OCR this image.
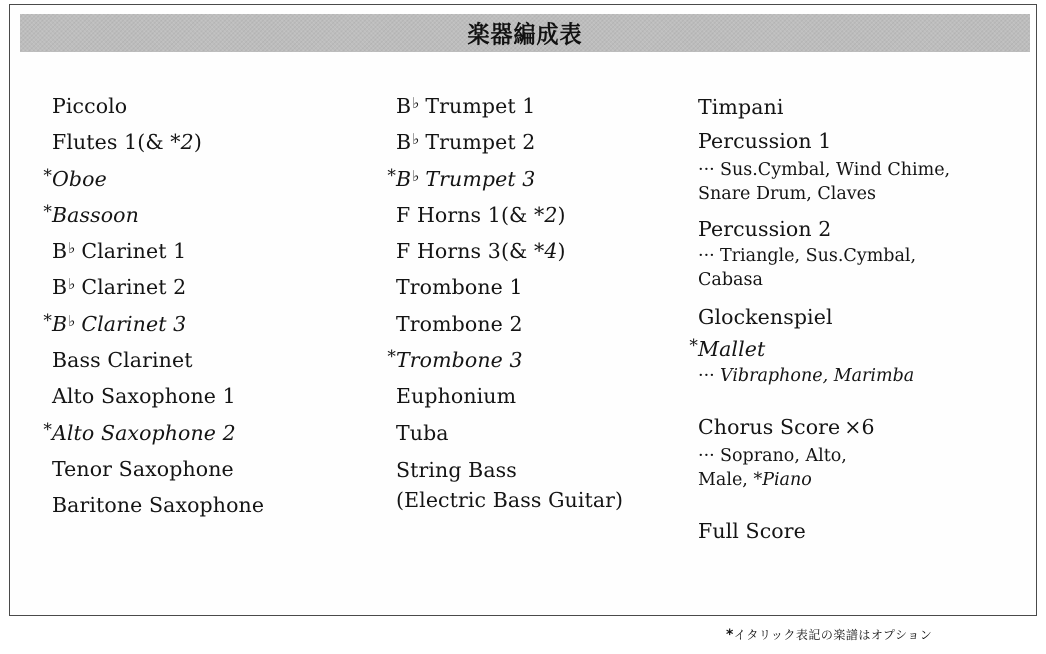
楽器編成表
Piccolo
Flutes 1(& *2)
*Oboe
*Bassoon
B♭ Clarinet 1
B♭ Clarinet 2
*B♭ Clarinet 3
Bass Clarinet
Alto Saxophone 1
*Alto Saxophone 2
Tenor Saxophone
Baritone Saxophone
B♭ Trumpet 1
B♭ Trumpet 2
*B♭ Trumpet 3
F Horns 1(& *2)
F Horns 3(& *4)
Trombone 1
Trombone 2
*Trombone 3
Euphonium
Tuba
String Bass
(Electric Bass Guitar)
Timpani
Percussion 1
··· Sus.Cymbal, Wind Chime,
Snare Drum, Claves
Percussion 2
··· Triangle, Sus.Cymbal,
Cabasa
Glockenspiel
*Mallet
··· Vibraphone, Marimba
Chorus Score ×6
··· Soprano, Alto,
Male, *Piano
Full Score
*イタリック表記の楽譜はオプション
